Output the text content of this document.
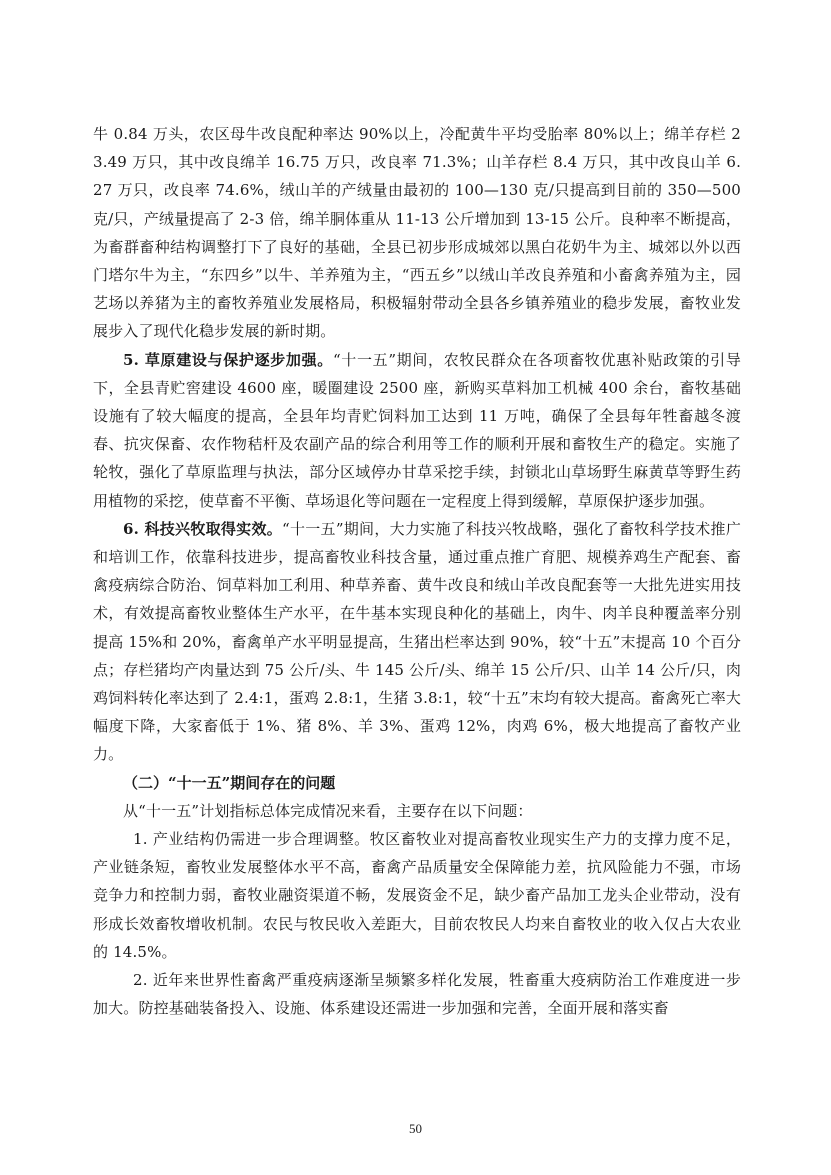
牛 0.84 万头，农区母牛改良配种率达 90%以上，冷配黄牛平均受胎率 80%以上；绵羊存栏 23.49 万只，其中改良绵羊 16.75 万只，改良率 71.3%；山羊存栏 8.4 万只，其中改良山羊 6.27 万只，改良率 74.6%，绒山羊的产绒量由最初的 100—130 克/只提高到目前的 350—500 克/只，产绒量提高了 2-3 倍，绵羊胴体重从 11-13 公斤增加到 13-15 公斤。良种率不断提高，为畜群畜种结构调整打下了良好的基础，全县已初步形成城郊以黑白花奶牛为主、城郊以外以西门塔尔牛为主，“东四乡”以牛、羊养殖为主，“西五乡”以绒山羊改良养殖和小畜禽养殖为主，园艺场以养猪为主的畜牧养殖业发展格局，积极辐射带动全县各乡镇养殖业的稳步发展，畜牧业发展步入了现代化稳步发展的新时期。

5. 草原建设与保护逐步加强。“十一五”期间，农牧民群众在各项畜牧优惠补贴政策的引导下，全县青贮窖建设 4600 座，暖圈建设 2500 座，新购买草料加工机械 400 余台，畜牧基础设施有了较大幅度的提高，全县年均青贮饲料加工达到 11 万吨，确保了全县每年牲畜越冬渡春、抗灾保畜、农作物秸杆及农副产品的综合利用等工作的顺利开展和畜牧生产的稳定。实施了轮牧，强化了草原监理与执法，部分区域停办甘草采挖手续，封锁北山草场野生麻黄草等野生药用植物的采挖，使草畜不平衡、草场退化等问题在一定程度上得到缓解，草原保护逐步加强。

6. 科技兴牧取得实效。“十一五”期间，大力实施了科技兴牧战略，强化了畜牧科学技术推广和培训工作，依靠科技进步，提高畜牧业科技含量，通过重点推广育肥、规模养鸡生产配套、畜禽疫病综合防治、饲草料加工利用、种草养畜、黄牛改良和绒山羊改良配套等一大批先进实用技术，有效提高畜牧业整体生产水平，在牛基本实现良种化的基础上，肉牛、肉羊良种覆盖率分别提高 15%和 20%，畜禽单产水平明显提高，生猪出栏率达到 90%，较“十五”末提高 10 个百分点；存栏猪均产肉量达到 75 公斤/头、牛 145 公斤/头、绵羊 15 公斤/只、山羊 14 公斤/只，肉鸡饲料转化率达到了 2.4:1，蛋鸡 2.8:1，生猪 3.8:1，较“十五”末均有较大提高。畜禽死亡率大幅度下降，大家畜低于 1%、猪 8%、羊 3%、蛋鸡 12%，肉鸡 6%，极大地提高了畜牧产业力。

（二）“十一五”期间存在的问题

从“十一五”计划指标总体完成情况来看，主要存在以下问题：

1. 产业结构仍需进一步合理调整。牧区畜牧业对提高畜牧业现实生产力的支撑力度不足，产业链条短，畜牧业发展整体水平不高，畜禽产品质量安全保障能力差，抗风险能力不强，市场竞争力和控制力弱，畜牧业融资渠道不畅，发展资金不足，缺少畜产品加工龙头企业带动，没有形成长效畜牧增收机制。农民与牧民收入差距大，目前农牧民人均来自畜牧业的收入仅占大农业的 14.5%。

2. 近年来世界性畜禽严重疫病逐渐呈频繁多样化发展，牲畜重大疫病防治工作难度进一步加大。防控基础装备投入、设施、体系建设还需进一步加强和完善，全面开展和落实畜

50
